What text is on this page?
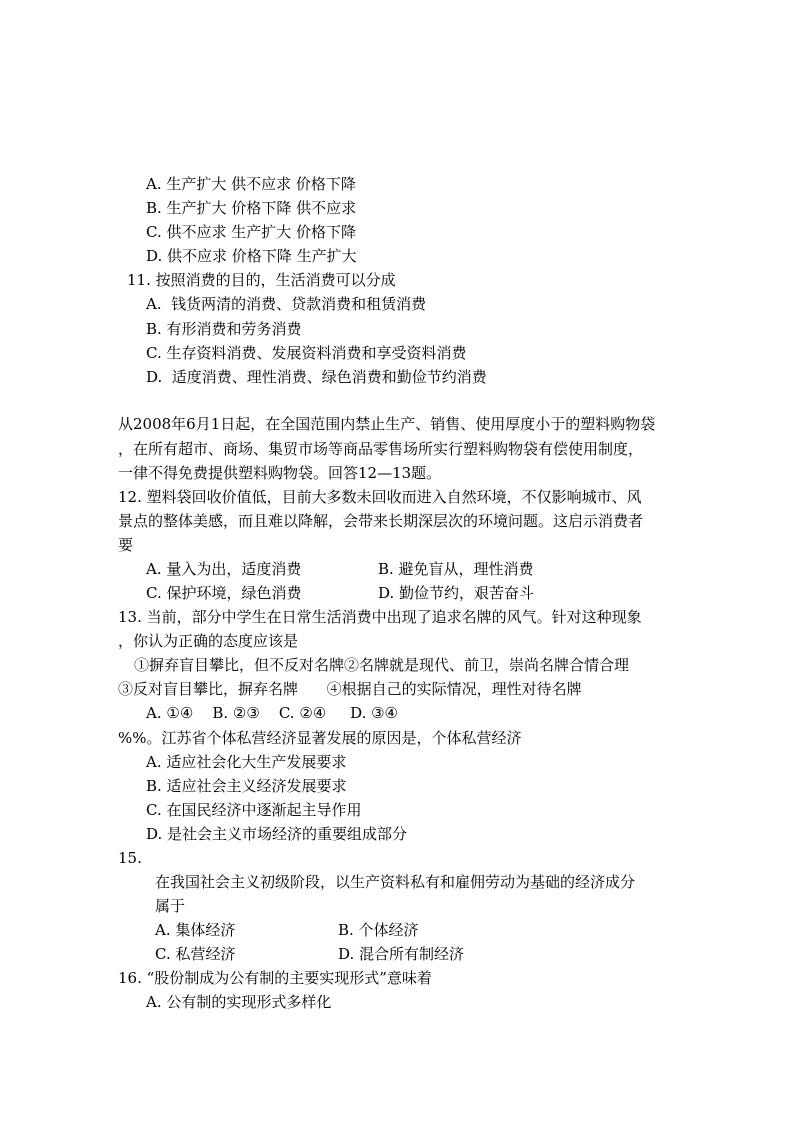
A. 生产扩大 供不应求 价格下降
B. 生产扩大 价格下降 供不应求
C. 供不应求 生产扩大 价格下降
D. 供不应求 价格下降 生产扩大
11. 按照消费的目的，生活消费可以分成
A.  钱货两清的消费、贷款消费和租赁消费
B. 有形消费和劳务消费
C. 生存资料消费、发展资料消费和享受资料消费
D.  适度消费、理性消费、绿色消费和勤俭节约消费
从2008年6月1日起，在全国范围内禁止生产、销售、使用厚度小于的塑料购物袋
，在所有超市、商场、集贸市场等商品零售场所实行塑料购物袋有偿使用制度，
一律不得免费提供塑料购物袋。回答12—13题。
12. 塑料袋回收价值低，目前大多数未回收而进入自然环境，不仅影响城市、风
景点的整体美感，而且难以降解，会带来长期深层次的环境问题。这启示消费者
要
A. 量入为出，适度消费	B. 避免盲从，理性消费
C. 保护环境，绿色消费	D. 勤俭节约，艰苦奋斗
13. 当前，部分中学生在日常生活消费中出现了追求名牌的风气。针对这种现象
，你认为正确的态度应该是
①摒弃盲目攀比，但不反对名牌②名牌就是现代、前卫，崇尚名牌合情合理
③反对盲目攀比，摒弃名牌      ④根据自己的实际情况，理性对待名牌
A. ①④    B. ②③    C. ②④     D. ③④
%%。江苏省个体私营经济显著发展的原因是，个体私营经济
A. 适应社会化大生产发展要求
B. 适应社会主义经济发展要求
C. 在国民经济中逐渐起主导作用
D. 是社会主义市场经济的重要组成部分
15.
在我国社会主义初级阶段，以生产资料私有和雇佣劳动为基础的经济成分
属于
A. 集体经济	B. 个体经济
C. 私营经济	D. 混合所有制经济
16. “股份制成为公有制的主要实现形式”意味着
A. 公有制的实现形式多样化
